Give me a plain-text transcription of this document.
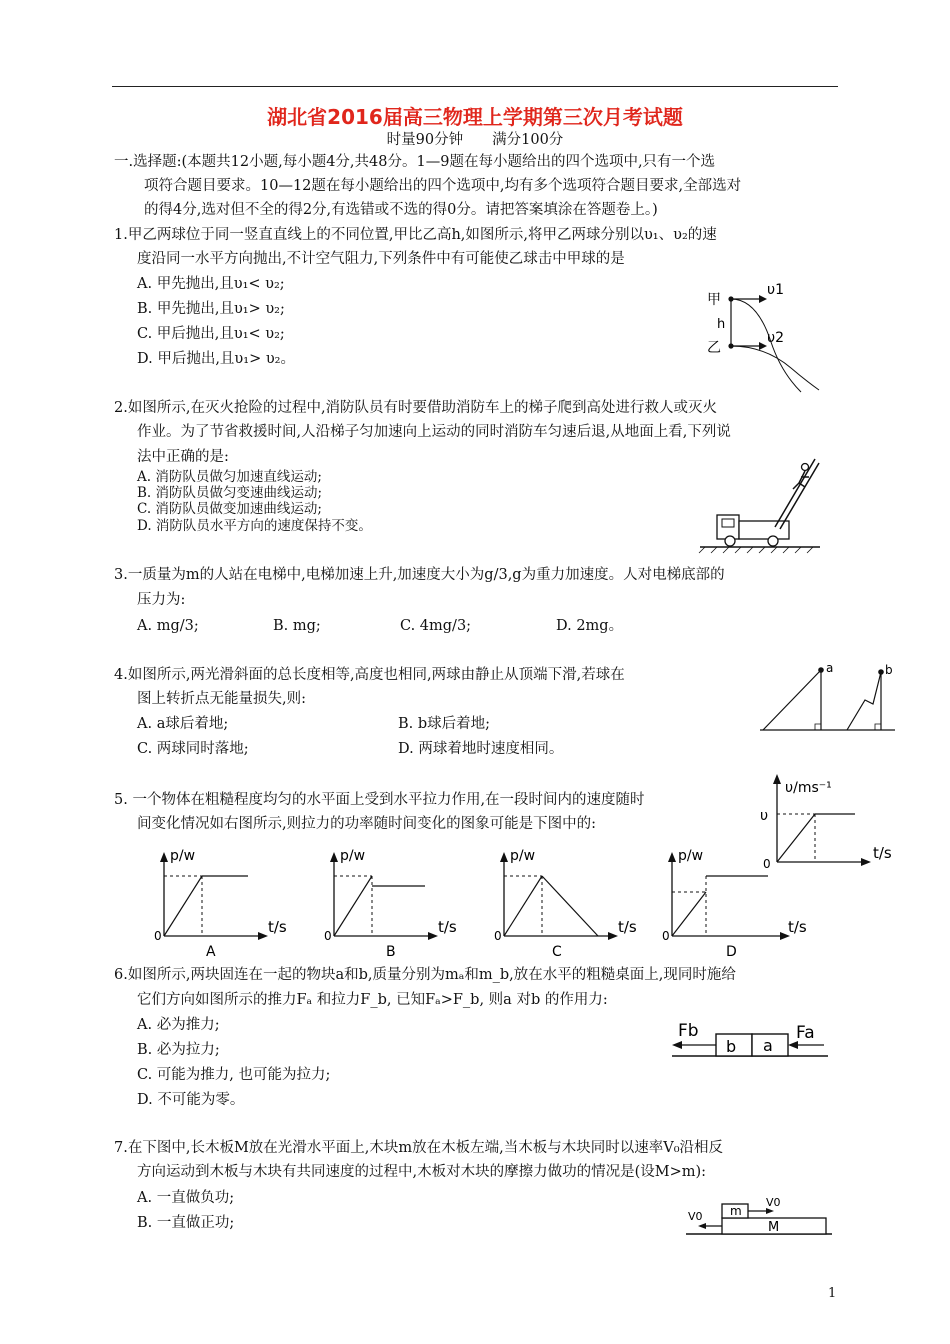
湖北省2016届高三物理上学期第三次月考试题
时量90分钟　　满分100分
一.选择题:(本题共12小题,每小题4分,共48分。1—9题在每小题给出的四个选项中,只有一个选
项符合题目要求。10—12题在每小题给出的四个选项中,均有多个选项符合题目要求,全部选对
的得4分,选对但不全的得2分,有选错或不选的得0分。请把答案填涂在答题卷上。)
1.甲乙两球位于同一竖直直线上的不同位置,甲比乙高h,如图所示,将甲乙两球分别以υ₁、υ₂的速
度沿同一水平方向抛出,不计空气阻力,下列条件中有可能使乙球击中甲球的是
A. 甲先抛出,且υ₁< υ₂;
B. 甲先抛出,且υ₁> υ₂;
C. 甲后抛出,且υ₁< υ₂;
D. 甲后抛出,且υ₁> υ₂。
甲
h
乙
υ1
υ2
2.如图所示,在灭火抢险的过程中,消防队员有时要借助消防车上的梯子爬到高处进行救人或灭火
作业。为了节省救援时间,人沿梯子匀加速向上运动的同时消防车匀速后退,从地面上看,下列说
法中正确的是:
A. 消防队员做匀加速直线运动;
B. 消防队员做匀变速曲线运动;
C. 消防队员做变加速曲线运动;
D. 消防队员水平方向的速度保持不变。
3.一质量为m的人站在电梯中,电梯加速上升,加速度大小为g/3,g为重力加速度。人对电梯底部的
压力为:
A. mg/3;	B. mg;	C. 4mg/3;	D. 2mg。
4.如图所示,两光滑斜面的总长度相等,高度也相同,两球由静止从顶端下滑,若球在
图上转折点无能量损失,则:
A. a球后着地;	B. b球后着地;
C. 两球同时落地;	D. 两球着地时速度相同。
a	b
5. 一个物体在粗糙程度均匀的水平面上受到水平拉力作用,在一段时间内的速度随时
间变化情况如右图所示,则拉力的功率随时间变化的图象可能是下图中的:
υ/ms⁻¹
υ
0
t/s
p/w
0	t/s
A
p/w
0	t/s
B
p/w
0	t/s
C
p/w
0	t/s
D
6.如图所示,两块固连在一起的物块a和b,质量分别为mₐ和m_b,放在水平的粗糙桌面上,现同时施给
它们方向如图所示的推力Fₐ 和拉力F_b, 已知Fₐ>F_b, 则a 对b 的作用力:
A. 必为推力;
B. 必为拉力;
C. 可能为推力, 也可能为拉力;
D. 不可能为零。
b a
Fb	Fa
7.在下图中,长木板M放在光滑水平面上,木块m放在木板左端,当木板与木块同时以速率V₀沿相反
方向运动到木板与木块有共同速度的过程中,木板对木块的摩擦力做功的情况是(设M>m):
A. 一直做负功;
B. 一直做正功;
m
M
V0
V0
1
